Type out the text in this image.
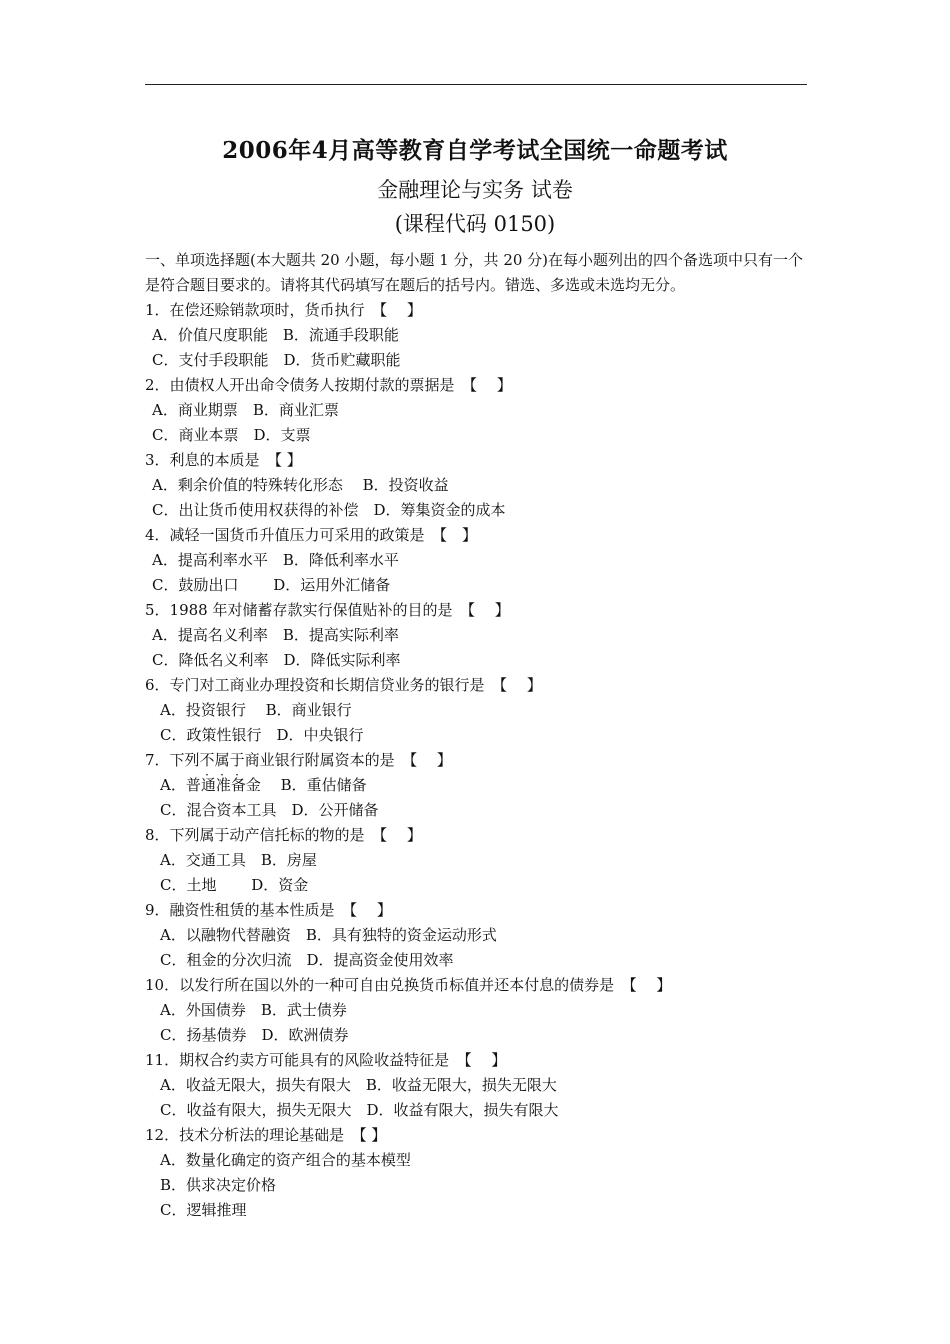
2006年4月高等教育自学考试全国统一命题考试
金融理论与实务 试卷
(课程代码 0150)
一、单项选择题(本大题共 20 小题，每小题 1 分，共 20 分)在每小题列出的四个备选项中只有一个是符合题目要求的。请将其代码填写在题后的括号内。错选、多选或未选均无分。
1．在偿还赊销款项时，货币执行　【　 】
A．价值尺度职能　B．流通手段职能
C．支付手段职能　D．货币贮藏职能
2．由债权人开出命令债务人按期付款的票据是　【　 】
A．商业期票　B．商业汇票
C．商业本票　D．支票
3．利息的本质是　【 】
A．剩余价值的特殊转化形态　 B．投资收益
C．出让货币使用权获得的补偿　D．筹集资金的成本
4．减轻一国货币升值压力可采用的政策是　【　】
A．提高利率水平　B．降低利率水平
C．鼓励出口　　 D．运用外汇储备
5．1988 年对储蓄存款实行保值贴补的目的是　【　 】
A．提高名义利率　B．提高实际利率
C．降低名义利率　D．降低实际利率
6．专门对工商业办理投资和长期信贷业务的银行是　【　 】
A．投资银行　 B．商业银行
C．政策性银行　D．中央银行
7．下列不属于商业银行附属资本的是　【　 】
A．普通准备金　 B．重估储备
C．混合资本工具　D．公开储备
8．下列属于动产信托标的物的是　【　 】
A．交通工具　B．房屋
C．土地　　 D．资金
9．融资性租赁的基本性质是　【　 】
A．以融物代替融资　B．具有独特的资金运动形式
C．租金的分次归流　D．提高资金使用效率
10．以发行所在国以外的一种可自由兑换货币标值并还本付息的债券是　【　 】
A．外国债券　B．武士债券
C．扬基债券　D．欧洲债券
11．期权合约卖方可能具有的风险收益特征是　【　 】
A．收益无限大，损失有限大　B．收益无限大，损失无限大
C．收益有限大，损失无限大　D．收益有限大，损失有限大
12．技术分析法的理论基础是　【 】
A．数量化确定的资产组合的基本模型
B．供求决定价格
C．逻辑推理
